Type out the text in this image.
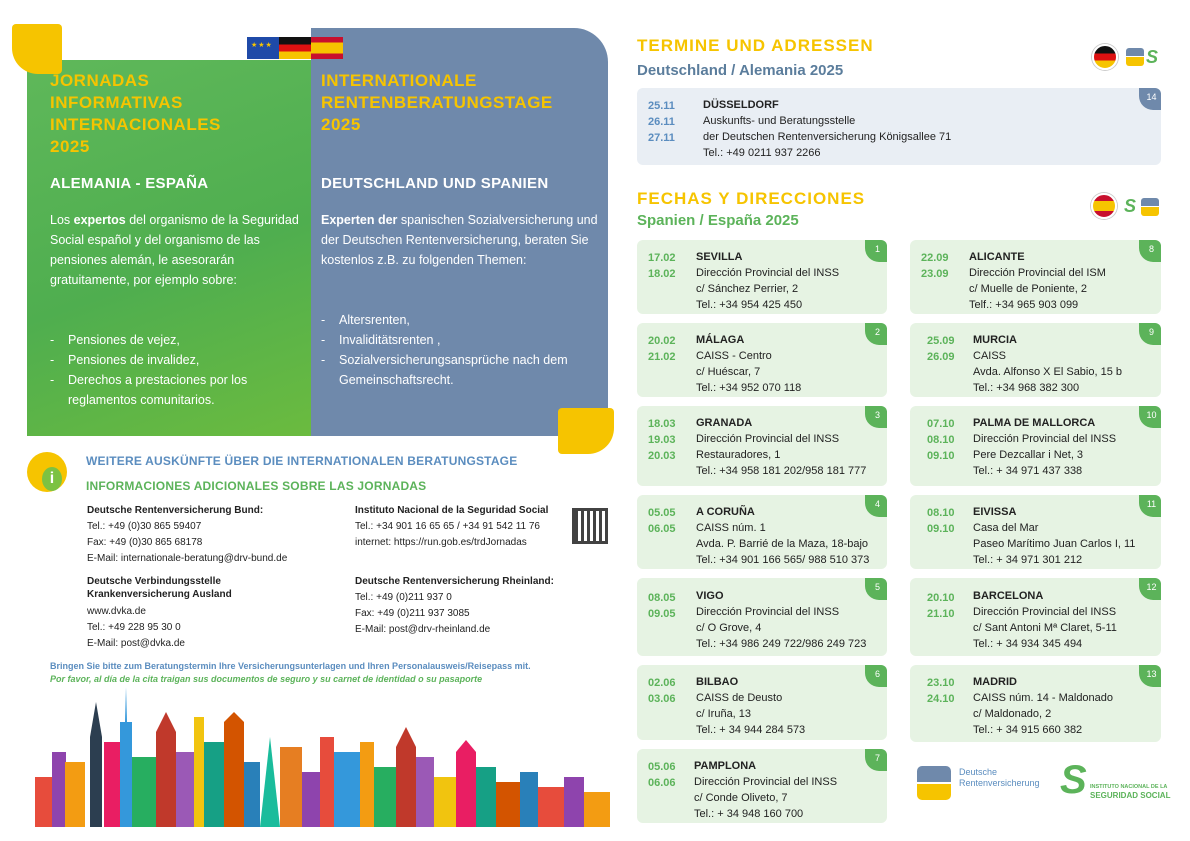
★★★
JORNADAS
INFORMATIVAS
INTERNACIONALES
2025
INTERNATIONALE
RENTENBERATUNGSTAGE
2025
ALEMANIA - ESPAÑA	DEUTSCHLAND UND SPANIEN
Los expertos del organismo de la Seguridad Social español y del organismo de las pensiones alemán, le asesorarán gratuitamente, por ejemplo sobre:
Experten der spanischen Sozialversicherung und der Deutschen Rentenversicherung, beraten Sie kostenlos z.B. zu folgenden Themen:
- Pensiones de vejez,
- Pensiones de invalidez,
- Derechos a prestaciones por los reglamentos comunitarios.
- Altersrenten,
- Invaliditätsrenten ,
- Sozialversicherungsansprüche nach dem Gemeinschaftsrecht.
i
WEITERE AUSKÜNFTE ÜBER DIE INTERNATIONALEN BERATUNGSTAGE
INFORMACIONES ADICIONALES SOBRE LAS JORNADAS
Deutsche Rentenversicherung Bund:
Tel.: +49 (0)30 865 59407
Fax: +49 (0)30 865 68178
E-Mail: internationale-beratung@drv-bund.de
Instituto Nacional de la Seguridad Social
Tel.: +34 901 16 65 65 / +34 91 542 11 76
internet: https://run.gob.es/trdJornadas
Deutsche Verbindungsstelle Krankenversicherung Ausland
www.dvka.de
Tel.: +49 228 95 30 0
E-Mail: post@dvka.de
Deutsche Rentenversicherung Rheinland:
Tel.: +49 (0)211 937 0
Fax: +49 (0)211 937 3085
E-Mail: post@drv-rheinland.de
Bringen Sie bitte zum Beratungstermin Ihre Versicherungsunterlagen und Ihren Personalausweis/Reisepass mit.
Por favor, al día de la cita traigan sus documentos de seguro y su carnet de identidad o su pasaporte
TERMINE UND ADRESSEN
Deutschland / Alemania 2025
S
14
25.11
26.11
27.11
DÜSSELDORF
Auskunfts- und Beratungsstelle
der Deutschen Rentenversicherung Königsallee 71
Tel.: +49 0211 937 2266
FECHAS Y DIRECCIONES
Spanien / España 2025
S
1
17.02
18.02
SEVILLA
Dirección Provincial del INSS
c/ Sánchez Perrier, 2
Tel.: +34 954 425 450
2
20.02
21.02
MÁLAGA
CAISS - Centro
c/ Huéscar, 7
Tel.: +34 952 070 118
3
18.03
19.03
20.03
GRANADA
Dirección Provincial del INSS
Restauradores, 1
Tel.: +34 958 181 202/958 181 777
4
05.05
06.05
A CORUÑA
CAISS núm. 1
Avda. P. Barrié de la Maza, 18-bajo
Tel.: +34 901 166 565/ 988 510 373
5
08.05
09.05
VIGO
Dirección Provincial del INSS
c/ O Grove, 4
Tel.: +34 986 249 722/986 249 723
6
02.06
03.06
BILBAO
CAISS de Deusto
c/ Iruña, 13
Tel.: + 34 944 284 573
7
05.06
06.06
PAMPLONA
Dirección Provincial del INSS
c/ Conde Oliveto, 7
Tel.: + 34 948 160 700
8
22.09
23.09
ALICANTE
Dirección Provincial del ISM
c/ Muelle de Poniente, 2
Telf.: +34 965 903 099
9
25.09
26.09
MURCIA
CAISS
Avda. Alfonso X El Sabio, 15 b
Tel.: +34 968 382 300
10
07.10
08.10
09.10
PALMA DE MALLORCA
Dirección Provincial del INSS
Pere Dezcallar i Net, 3
Tel.: + 34 971 437 338
11
08.10
09.10
EIVISSA
Casa del Mar
Paseo Marítimo Juan Carlos I, 11
Tel.: + 34 971 301 212
12
20.10
21.10
BARCELONA
Dirección Provincial del INSS
c/ Sant Antoni Mª Claret, 5-11
Tel.: + 34 934 345 494
13
23.10
24.10
MADRID
CAISS núm. 14 - Maldonado
c/ Maldonado, 2
Tel.: + 34 915 660 382
Deutsche
Rentenversicherung S INSTITUTO NACIONAL DE LA
SEGURIDAD SOCIAL
